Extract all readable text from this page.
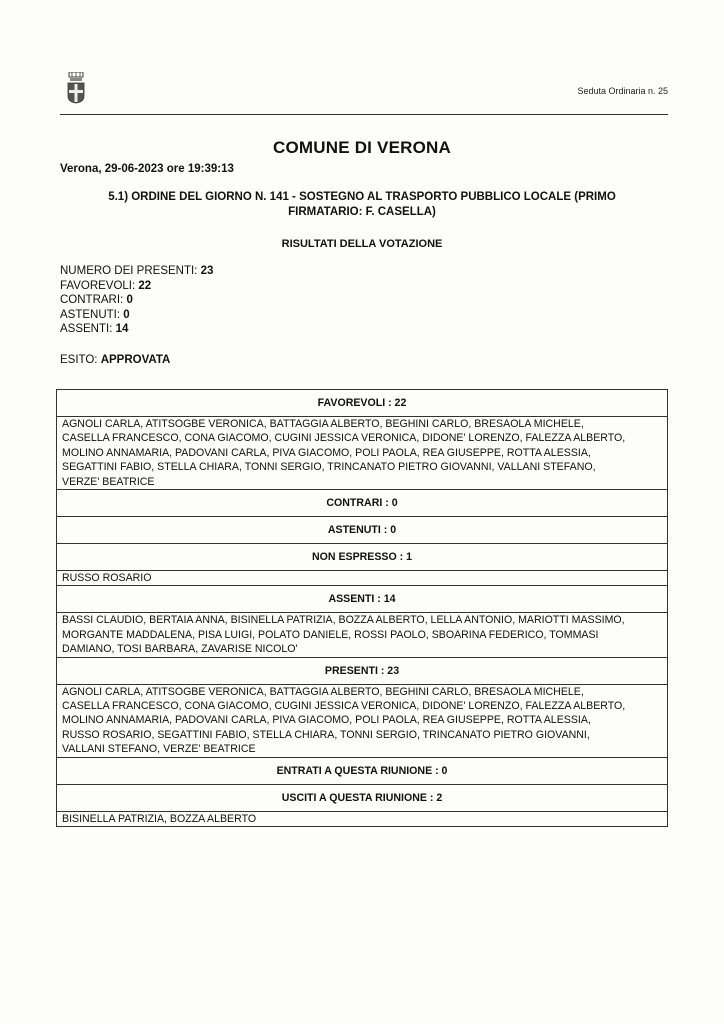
Seduta Ordinaria n. 25
COMUNE DI VERONA
Verona, 29-06-2023 ore 19:39:13
5.1) ORDINE DEL GIORNO N. 141 - SOSTEGNO AL TRASPORTO PUBBLICO LOCALE (PRIMO
FIRMATARIO: F. CASELLA)
RISULTATI DELLA VOTAZIONE
NUMERO DEI PRESENTI: 23
FAVOREVOLI: 22
CONTRARI: 0
ASTENUTI: 0
ASSENTI: 14
ESITO: APPROVATA
FAVOREVOLI : 22

AGNOLI CARLA, ATITSOGBE VERONICA, BATTAGGIA ALBERTO, BEGHINI CARLO, BRESAOLA MICHELE,
CASELLA FRANCESCO, CONA GIACOMO, CUGINI JESSICA VERONICA, DIDONE' LORENZO, FALEZZA ALBERTO,
MOLINO ANNAMARIA, PADOVANI CARLA, PIVA GIACOMO, POLI PAOLA, REA GIUSEPPE, ROTTA ALESSIA,
SEGATTINI FABIO, STELLA CHIARA, TONNI SERGIO, TRINCANATO PIETRO GIOVANNI, VALLANI STEFANO,
VERZE' BEATRICE

CONTRARI : 0
ASTENUTI : 0
NON ESPRESSO : 1

RUSSO ROSARIO

ASSENTI : 14

BASSI CLAUDIO, BERTAIA ANNA, BISINELLA PATRIZIA, BOZZA ALBERTO, LELLA ANTONIO, MARIOTTI MASSIMO,
MORGANTE MADDALENA, PISA LUIGI, POLATO DANIELE, ROSSI PAOLO, SBOARINA FEDERICO, TOMMASI
DAMIANO, TOSI BARBARA, ZAVARISE NICOLO'

PRESENTI : 23

AGNOLI CARLA, ATITSOGBE VERONICA, BATTAGGIA ALBERTO, BEGHINI CARLO, BRESAOLA MICHELE,
CASELLA FRANCESCO, CONA GIACOMO, CUGINI JESSICA VERONICA, DIDONE' LORENZO, FALEZZA ALBERTO,
MOLINO ANNAMARIA, PADOVANI CARLA, PIVA GIACOMO, POLI PAOLA, REA GIUSEPPE, ROTTA ALESSIA,
RUSSO ROSARIO, SEGATTINI FABIO, STELLA CHIARA, TONNI SERGIO, TRINCANATO PIETRO GIOVANNI,
VALLANI STEFANO, VERZE' BEATRICE

ENTRATI A QUESTA RIUNIONE : 0
USCITI A QUESTA RIUNIONE : 2

BISINELLA PATRIZIA, BOZZA ALBERTO
